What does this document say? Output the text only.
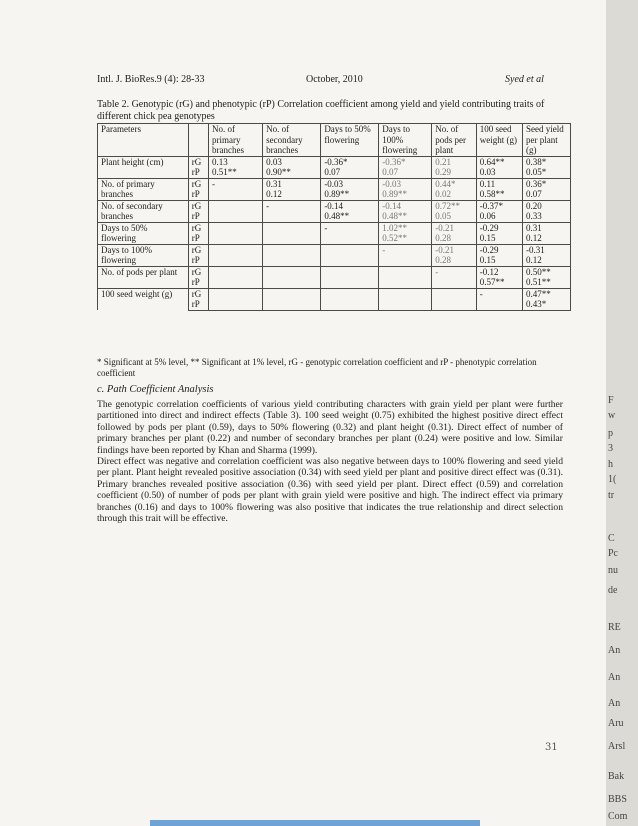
Intl. J. BioRes.9 (4): 28-33	October, 2010	Syed et al
Table 2. Genotypic (rG) and phenotypic (rP) Correlation coefficient among yield and yield contributing traits of different chick pea genotypes
Parameters		No. of primary branches	No. of secondary branches	Days to 50% flowering	Days to 100% flowering	No. of pods per plant	100 seed weight (g)	Seed yield per plant (g)
Plant height (cm)	rG	0.13	0.03	-0.36*	-0.36*	0.21	0.64**	0.38*
	rP	0.51**	0.90**	0.07	0.07	0.29	0.03	0.05*
No. of primary branches	rG	-	0.31	-0.03	-0.03	0.44*	0.11	0.36*
	rP		0.12	0.89**	0.89**	0.02	0.58**	0.07
No. of secondary branches	rG		-	-0.14	-0.14	0.72**	-0.37*	0.20
	rP			0.48**	0.48**	0.05	0.06	0.33
Days to 50% flowering	rG			-	1.02**	-0.21	-0.29	0.31
	rP				0.52**	0.28	0.15	0.12
Days to 100% flowering	rG				-	-0.21	-0.29	-0.31
	rP					0.28	0.15	0.12
No. of pods per plant	rG					-	-0.12	0.50**
	rP						0.57**	0.51**
100 seed weight (g)	rG						-	0.47**
	rP							0.43*
* Significant at 5% level, ** Significant at 1% level, rG - genotypic correlation coefficient and rP - phenotypic correlation coefficient
c. Path Coefficient Analysis

The genotypic correlation coefficients of various yield contributing characters with grain yield per plant were further partitioned into direct and indirect effects (Table 3). 100 seed weight (0.75) exhibited the highest positive direct effect followed by pods per plant (0.59), days to 50% flowering (0.32) and plant height (0.31). Direct effect of number of primary branches per plant (0.22) and number of secondary branches per plant (0.24) were positive and low. Similar findings have been reported by Khan and Sharma (1999).

Direct effect was negative and correlation coefficient was also negative between days to 100% flowering and seed yield per plant. Plant height revealed positive association (0.34) with seed yield per plant and positive direct effect was (0.31). Primary branches revealed positive association (0.36) with seed yield per plant. Direct effect (0.59) and correlation coefficient (0.50) of number of pods per plant with grain yield were positive and high. The indirect effect via primary branches (0.16) and days to 100% flowering was also positive that indicates the true relationship and direct selection through this trait will be effective.

31
F
w
p
3
h
1(
tr
C
Pc
nu
de
RE
An
An
An
Aru
Arsl
Bak
BBS
Com
